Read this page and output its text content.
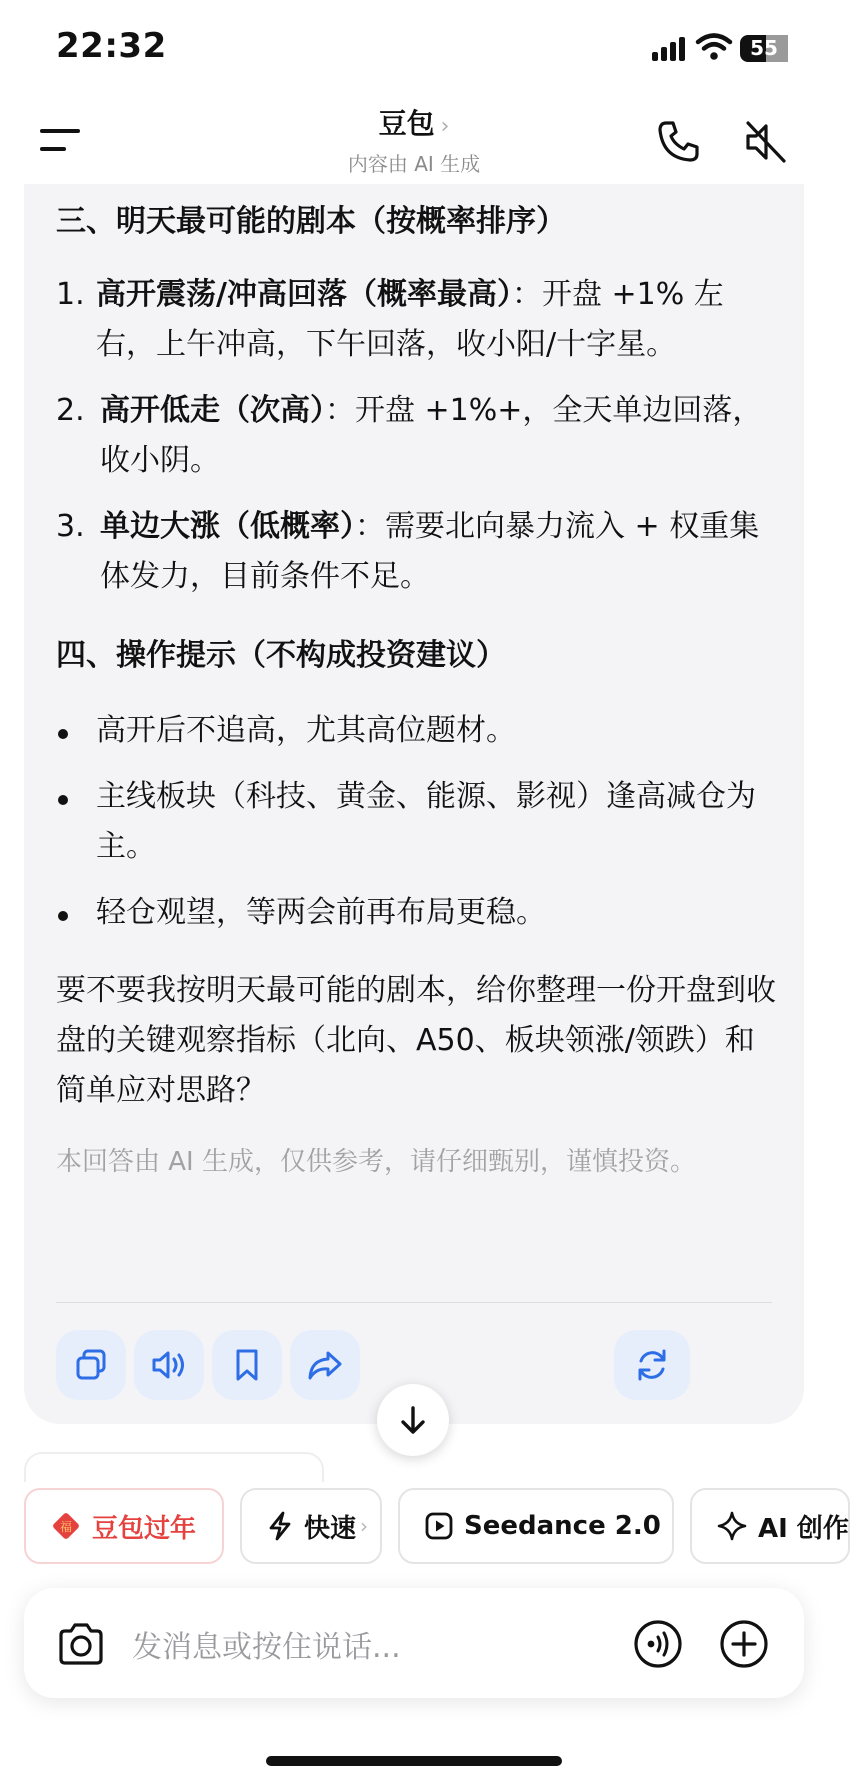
22:32	55
豆包 ›
内容由 AI 生成
三、明天最可能的剧本（按概率排序）
1. 高开震荡/冲高回落（概率最高）：开盘 +1% 左右，上午冲高，下午回落，收小阳/十字星。
2. 高开低走（次高）：开盘 +1%+，全天单边回落，收小阴。
3. 单边大涨（低概率）：需要北向暴力流入 + 权重集体发力，目前条件不足。
四、操作提示（不构成投资建议）
高开后不追高，尤其高位题材。
主线板块（科技、黄金、能源、影视）逢高减仓为主。
轻仓观望，等两会前再布局更稳。
要不要我按明天最可能的剧本，给你整理一份开盘到收盘的关键观察指标（北向、A50、板块领涨/领跌）和简单应对思路？
本回答由 AI 生成，仅供参考，请仔细甄别，谨慎投资。
福 豆包过年	快速 ›	Seedance 2.0	AI 创作
发消息或按住说话...
